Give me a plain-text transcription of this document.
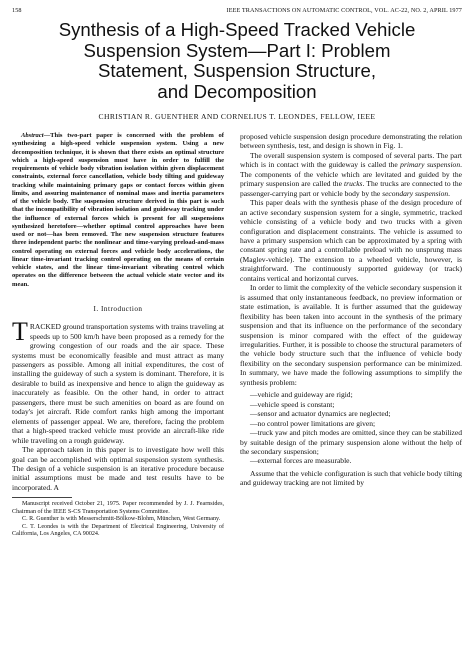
158	IEEE TRANSACTIONS ON AUTOMATIC CONTROL, VOL. AC-22, NO. 2, APRIL 1977
Synthesis of a High-Speed Tracked Vehicle
Suspension System—Part I: Problem
Statement, Suspension Structure,
and Decomposition
CHRISTIAN R. GUENTHER AND CORNELIUS T. LEONDES, FELLOW, IEEE

Abstract—This two-part paper is concerned with the problem of synthesizing a high-speed vehicle suspension system. Using a new decomposition technique, it is shown that there exists an optimal structure which a high-speed suspension must have in order to fulfill the requirements of vehicle body vibration isolation within given displacement constraints, external force cancellation, vehicle body tilting and guideway tracking while maintaining primary gaps or contact forces within given limits, and assuring maintenance of nominal mass and inertia parameters of the vehicle body. The suspension structure derived in this part is such that the incompatibility of vibration isolation and guideway tracking under the influence of external forces which is present for all suspensions synthesized heretofore—whether optimal control approaches have been used or not—has been removed. The new suspension structure features three independent parts: the nonlinear and time-varying preload-and-mass control operating on external forces and vehicle body accelerations, the linear time-invariant tracking control operating on the means of certain vehicle states, and the linear time-invariant vibrating control which operates on the difference between the actual vehicle state vector and its mean.

I. Introduction

TRACKED ground transportation systems with trains traveling at speeds up to 500 km/h have been proposed as a remedy for the growing congestion of our roads and the air space. These systems must be economically feasible and must attract as many passengers as possible. Among all initial expenditures, the cost of installing the guideway of such a system is dominant. Therefore, it is desirable to build as inexpensive and hence to align the guideway as inaccurately as feasible. On the other hand, in order to attract passengers, there must be such amenities on board as are found on today's jet aircraft. Ride comfort ranks high among the important elements of passenger appeal. We are, therefore, facing the problem that a high-speed tracked vehicle must provide an aircraft-like ride while traveling on a rough guideway.

The approach taken in this paper is to investigate how well this goal can be accomplished with optimal suspension system synthesis. The design of a vehicle suspension is an iterative procedure because initial assumptions must be made and test results have to be incorporated. A

Manuscript received October 21, 1975. Paper recommended by J. J. Fearnsides, Chairman of the IEEE S-CS Transportation Systems Committee.

C. R. Guenther is with Messerschmitt-Bölkow-Blohm, München, West Germany.

C. T. Leondes is with the Department of Electrical Engineering, University of California, Los Angeles, CA 90024.

proposed vehicle suspension design procedure demonstrating the relation between synthesis, test, and design is shown in Fig. 1.

The overall suspension system is composed of several parts. The part which is in contact with the guideway is called the primary suspension. The components of the vehicle which are levitated and guided by the primary suspension are called the trucks. The trucks are connected to the passenger-carrying part or vehicle body by the secondary suspension.

This paper deals with the synthesis phase of the design procedure of an active secondary suspension system for a single, symmetric, tracked vehicle consisting of a vehicle body and two trucks with a given configuration and displacement constraints. The vehicle is assumed to have a primary suspension which can be approximated by a spring with constant spring rate and a controllable preload with no unsprung mass (Maglev-vehicle). The extension to a wheeled vehicle, however, is straightforward. The continuously supported guideway (or track) contains vertical and horizontal curves.

In order to limit the complexity of the vehicle secondary suspension it is assumed that only instantaneous feedback, no preview information or state estimation, is available. It is further assumed that the guideway flexibility has been taken into account in the synthesis of the primary suspension and that its influence on the performance of the secondary suspension is minor compared with the effect of the guideway irregularities. Further, it is possible to choose the structural parameters of the vehicle body structure such that the influence of vehicle body flexibility on the secondary suspension performance can be minimized. In summary, we have made the following assumptions to simplify the synthesis problem:

—vehicle and guideway are rigid;
—vehicle speed is constant;
—sensor and actuator dynamics are neglected;
—no control power limitations are given;
—truck yaw and pitch modes are omitted, since they can be stabilized by suitable design of the primary suspension alone without the help of the secondary suspension;
—external forces are measurable.

Assume that the vehicle configuration is such that vehicle body tilting and guideway tracking are not limited by
